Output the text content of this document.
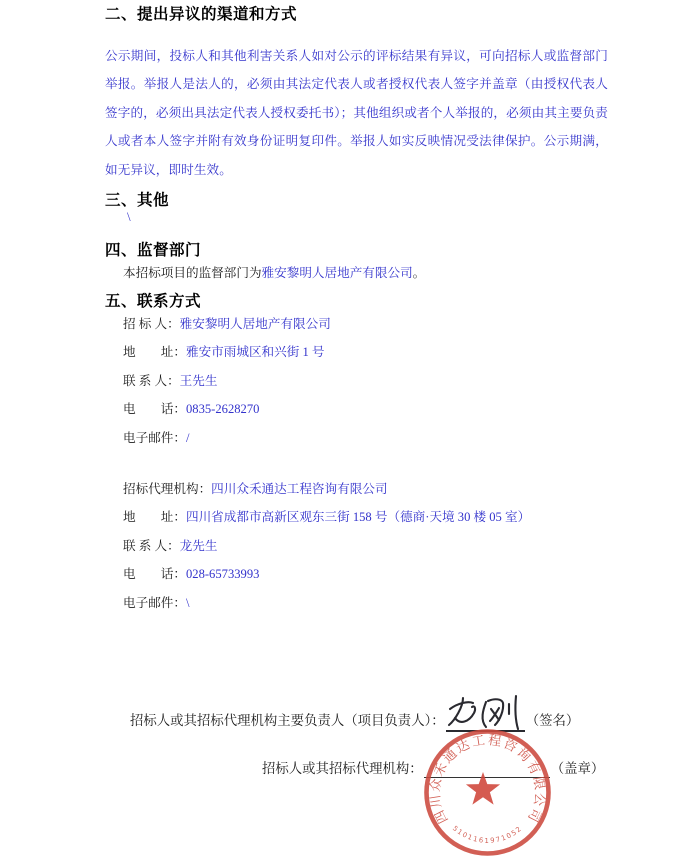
二、提出异议的渠道和方式
公示期间，投标人和其他利害关系人如对公示的评标结果有异议，可向招标人或监督部门举报。举报人是法人的，必须由其法定代表人或者授权代表人签字并盖章（由授权代表人签字的，必须出具法定代表人授权委托书）；其他组织或者个人举报的，必须由其主要负责人或者本人签字并附有效身份证明复印件。举报人如实反映情况受法律保护。公示期满，如无异议，即时生效。
三、其他
\
四、监督部门
本招标项目的监督部门为雅安黎明人居地产有限公司。
五、联系方式
招 标 人： 雅安黎明人居地产有限公司
地　　址： 雅安市雨城区和兴街 1 号
联 系 人： 王先生
电　　话： 0835-2628270
电子邮件： /
招标代理机构： 四川众禾通达工程咨询有限公司
地　　址： 四川省成都市高新区观东三街 158 号（德商·天境 30 楼 05 室）
联 系 人： 龙先生
电　　话： 028-65733993
电子邮件： \
招标人或其招标代理机构主要负责人（项目负责人）：	（签名）
招标人或其招标代理机构：	（盖章）
四川众禾通达工程咨询有限公司
5101161971052
